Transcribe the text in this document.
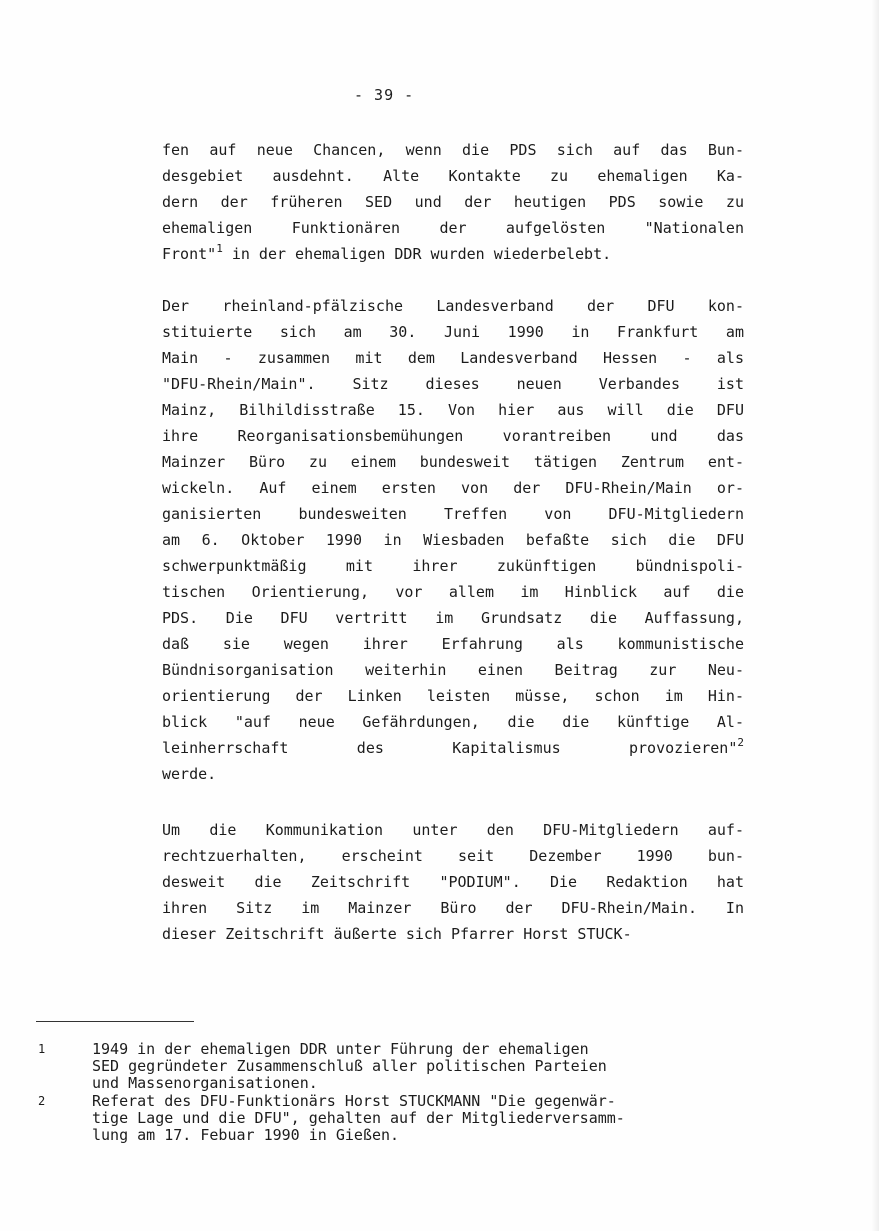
- 39 -
fen auf neue Chancen, wenn die PDS sich auf das Bun-
desgebiet ausdehnt. Alte Kontakte zu ehemaligen Ka-
dern der früheren SED und der heutigen PDS sowie zu
ehemaligen Funktionären der aufgelösten "Nationalen
Front"$^1$ in der ehemaligen DDR wurden wiederbelebt.
Der rheinland-pfälzische Landesverband der DFU kon-
stituierte sich am 30. Juni 1990 in Frankfurt am
Main - zusammen mit dem Landesverband Hessen - als
"DFU-Rhein/Main". Sitz dieses neuen Verbandes ist
Mainz, Bilhildisstraße 15. Von hier aus will die DFU
ihre Reorganisationsbemühungen vorantreiben und das
Mainzer Büro zu einem bundesweit tätigen Zentrum ent-
wickeln. Auf einem ersten von der DFU-Rhein/Main or-
ganisierten bundesweiten Treffen von DFU-Mitgliedern
am 6. Oktober 1990 in Wiesbaden befaßte sich die DFU
schwerpunktmäßig mit ihrer zukünftigen bündnispoli-
tischen Orientierung, vor allem im Hinblick auf die
PDS. Die DFU vertritt im Grundsatz die Auffassung,
daß sie wegen ihrer Erfahrung als kommunistische
Bündnisorganisation weiterhin einen Beitrag zur Neu-
orientierung der Linken leisten müsse, schon im Hin-
blick "auf neue Gefährdungen, die die künftige Al-
leinherrschaft des Kapitalismus provozieren"$^2$
werde.
Um die Kommunikation unter den DFU-Mitgliedern auf-
rechtzuerhalten, erscheint seit Dezember 1990 bun-
desweit die Zeitschrift "PODIUM". Die Redaktion hat
ihren Sitz im Mainzer Büro der DFU-Rhein/Main. In
dieser Zeitschrift äußerte sich Pfarrer Horst STUCK-
1	1949 in der ehemaligen DDR unter Führung der ehemaligen
SED gegründeter Zusammenschluß aller politischen Parteien
und Massenorganisationen.
2	Referat des DFU-Funktionärs Horst STUCKMANN "Die gegenwär-
tige Lage und die DFU", gehalten auf der Mitgliederversamm-
lung am 17. Febuar 1990 in Gießen.
